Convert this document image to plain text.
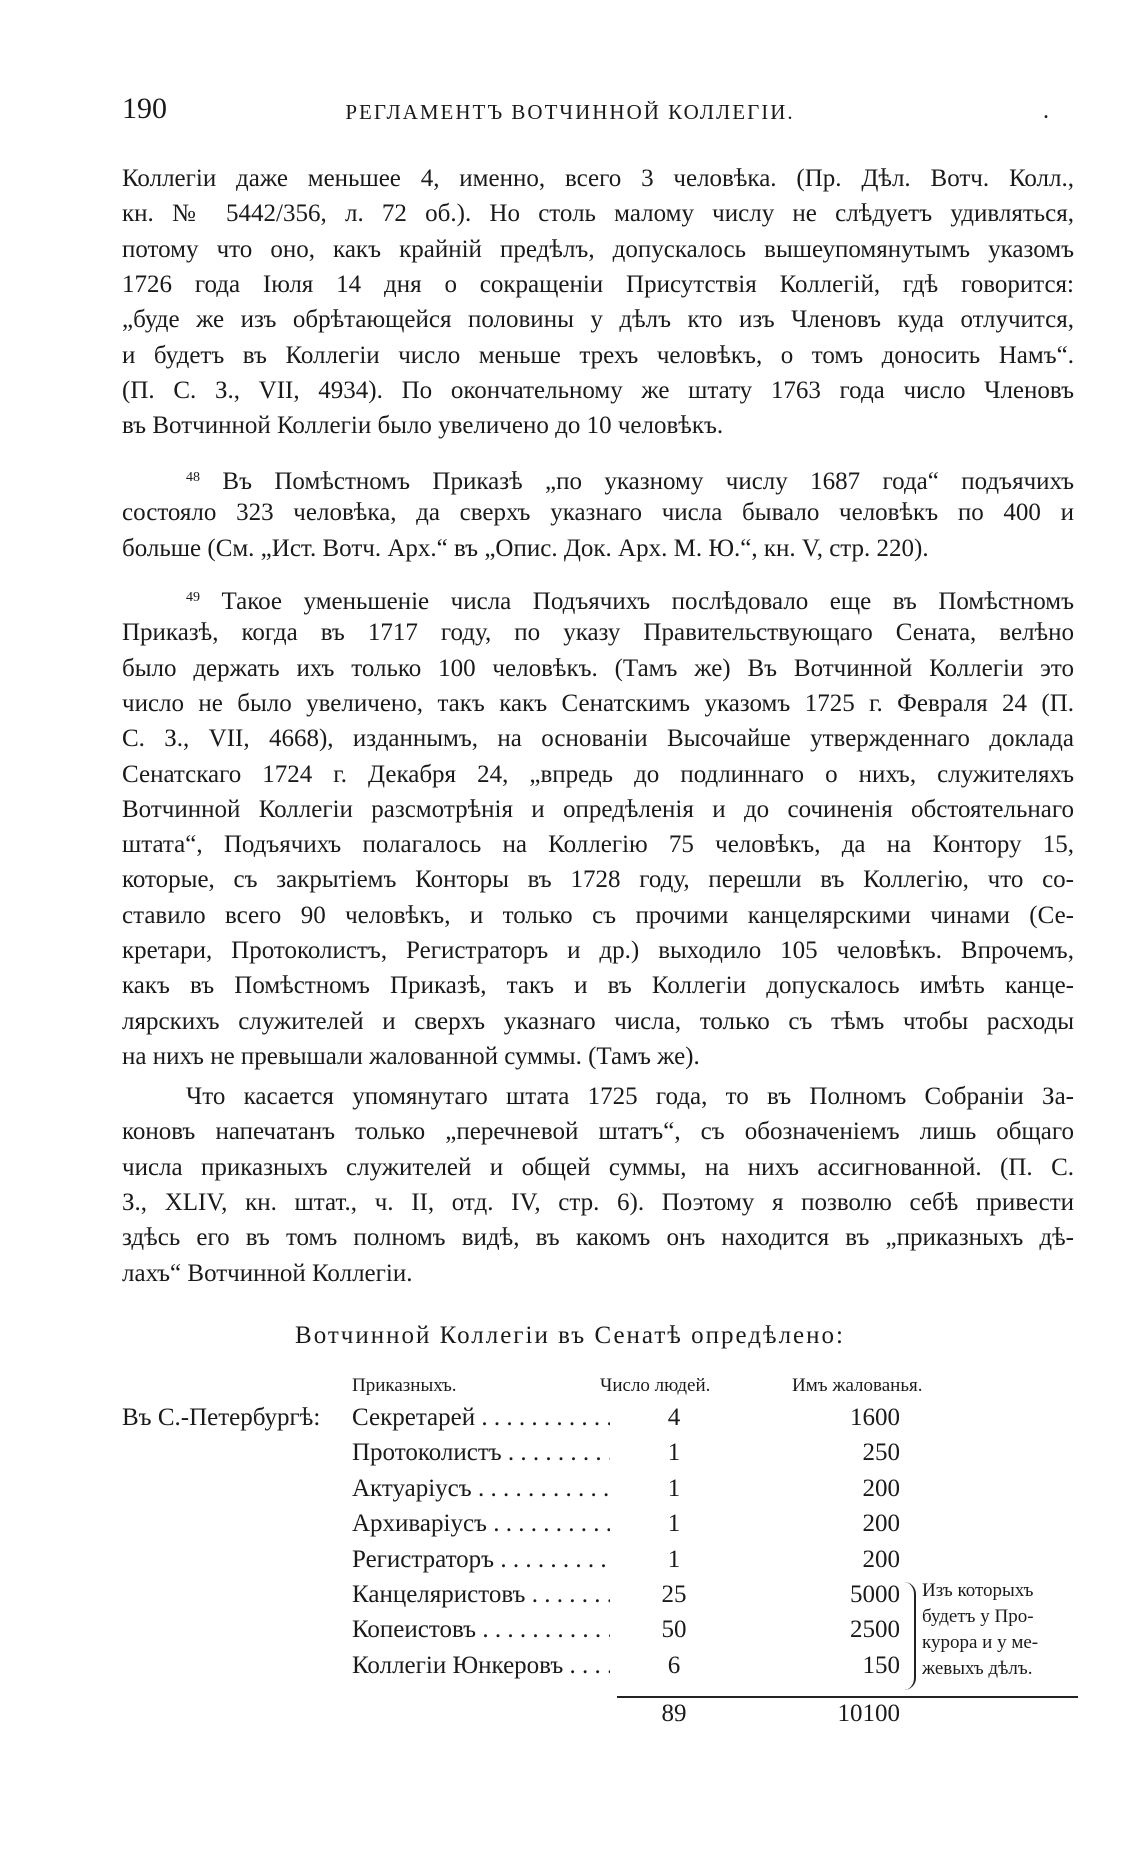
190	РЕГЛАМЕНТЪ ВОТЧИННОЙ КОЛЛЕГІИ.	.
Коллегіи даже меньшее 4, именно, всего 3 человѣка. (Пр. Дѣл. Вотч. Колл.,
кн. № 5442/356, л. 72 об.). Но столь малому числу не слѣдуетъ удивляться,
потому что оно, какъ крайній предѣлъ, допускалось вышеупомянутымъ указомъ
1726 года Іюля 14 дня о сокращеніи Присутствія Коллегій, гдѣ говорится:
„буде же изъ обрѣтающейся половины у дѣлъ кто изъ Членовъ куда отлучится,
и будетъ въ Коллегіи число меньше трехъ человѣкъ, о томъ доносить Намъ“.
(П. С. З., VII, 4934). По окончательному же штату 1763 года число Членовъ
въ Вотчинной Коллегіи было увеличено до 10 человѣкъ.
$^{48}$ Въ Помѣстномъ Приказѣ „по указному числу 1687 года“ подъячихъ
состояло 323 человѣка, да сверхъ указнаго числа бывало человѣкъ по 400 и
больше (См. „Ист. Вотч. Арх.“ въ „Опис. Док. Арх. М. Ю.“, кн. V, стр. 220).
$^{49}$ Такое уменьшеніе числа Подъячихъ послѣдовало еще въ Помѣстномъ
Приказѣ, когда въ 1717 году, по указу Правительствующаго Сената, велѣно
было держать ихъ только 100 человѣкъ. (Тамъ же) Въ Вотчинной Коллегіи это
число не было увеличено, такъ какъ Сенатскимъ указомъ 1725 г. Февраля 24 (П.
С. З., VII, 4668), изданнымъ, на основаніи Высочайше утвержденнаго доклада
Сенатскаго 1724 г. Декабря 24, „впредь до подлиннаго о нихъ, служителяхъ
Вотчинной Коллегіи разсмотрѣнія и опредѣленія и до сочиненія обстоятельнаго
штата“, Подъячихъ полагалось на Коллегію 75 человѣкъ, да на Контору 15,
которые, съ закрытіемъ Конторы въ 1728 году, перешли въ Коллегію, что со-
ставило всего 90 человѣкъ, и только съ прочими канцелярскими чинами (Се-
кретари, Протоколистъ, Регистраторъ и др.) выходило 105 человѣкъ. Впрочемъ,
какъ въ Помѣстномъ Приказѣ, такъ и въ Коллегіи допускалось имѣть канце-
лярскихъ служителей и сверхъ указнаго числа, только съ тѣмъ чтобы расходы
на нихъ не превышали жалованной суммы. (Тамъ же).
Что касается упомянутаго штата 1725 года, то въ Полномъ Собраніи За-
коновъ напечатанъ только „перечневой штатъ“, съ обозначеніемъ лишь общаго
числа приказныхъ служителей и общей суммы, на нихъ ассигнованной. (П. С.
З., XLIV, кн. штат., ч. II, отд. IV, стр. 6). Поэтому я позволю себѣ привести
здѣсь его въ томъ полномъ видѣ, въ какомъ онъ находится въ „приказныхъ дѣ-
лахъ“ Вотчинной Коллегіи.
Вотчинной Коллегіи въ Сенатѣ опредѣлено:
Приказныхъ.	Число людей.	Имъ жалованья.
Въ С.-Петербургѣ: Секретарей . . .	4	1600
Протоколистъ . . .	1	250
Актуаріусъ . . .	1	200
Архиваріусъ . . .	1	200
Регистраторъ . . .	1	200
Канцеляристовъ . . .	25	5000
Копеистовъ . . .	50	2500
Коллегіи Юнкеровъ . . .	6	150
Изъ которыхъ
будетъ у Про-
курора и у ме-
жевыхъ дѣлъ.
89	10100
